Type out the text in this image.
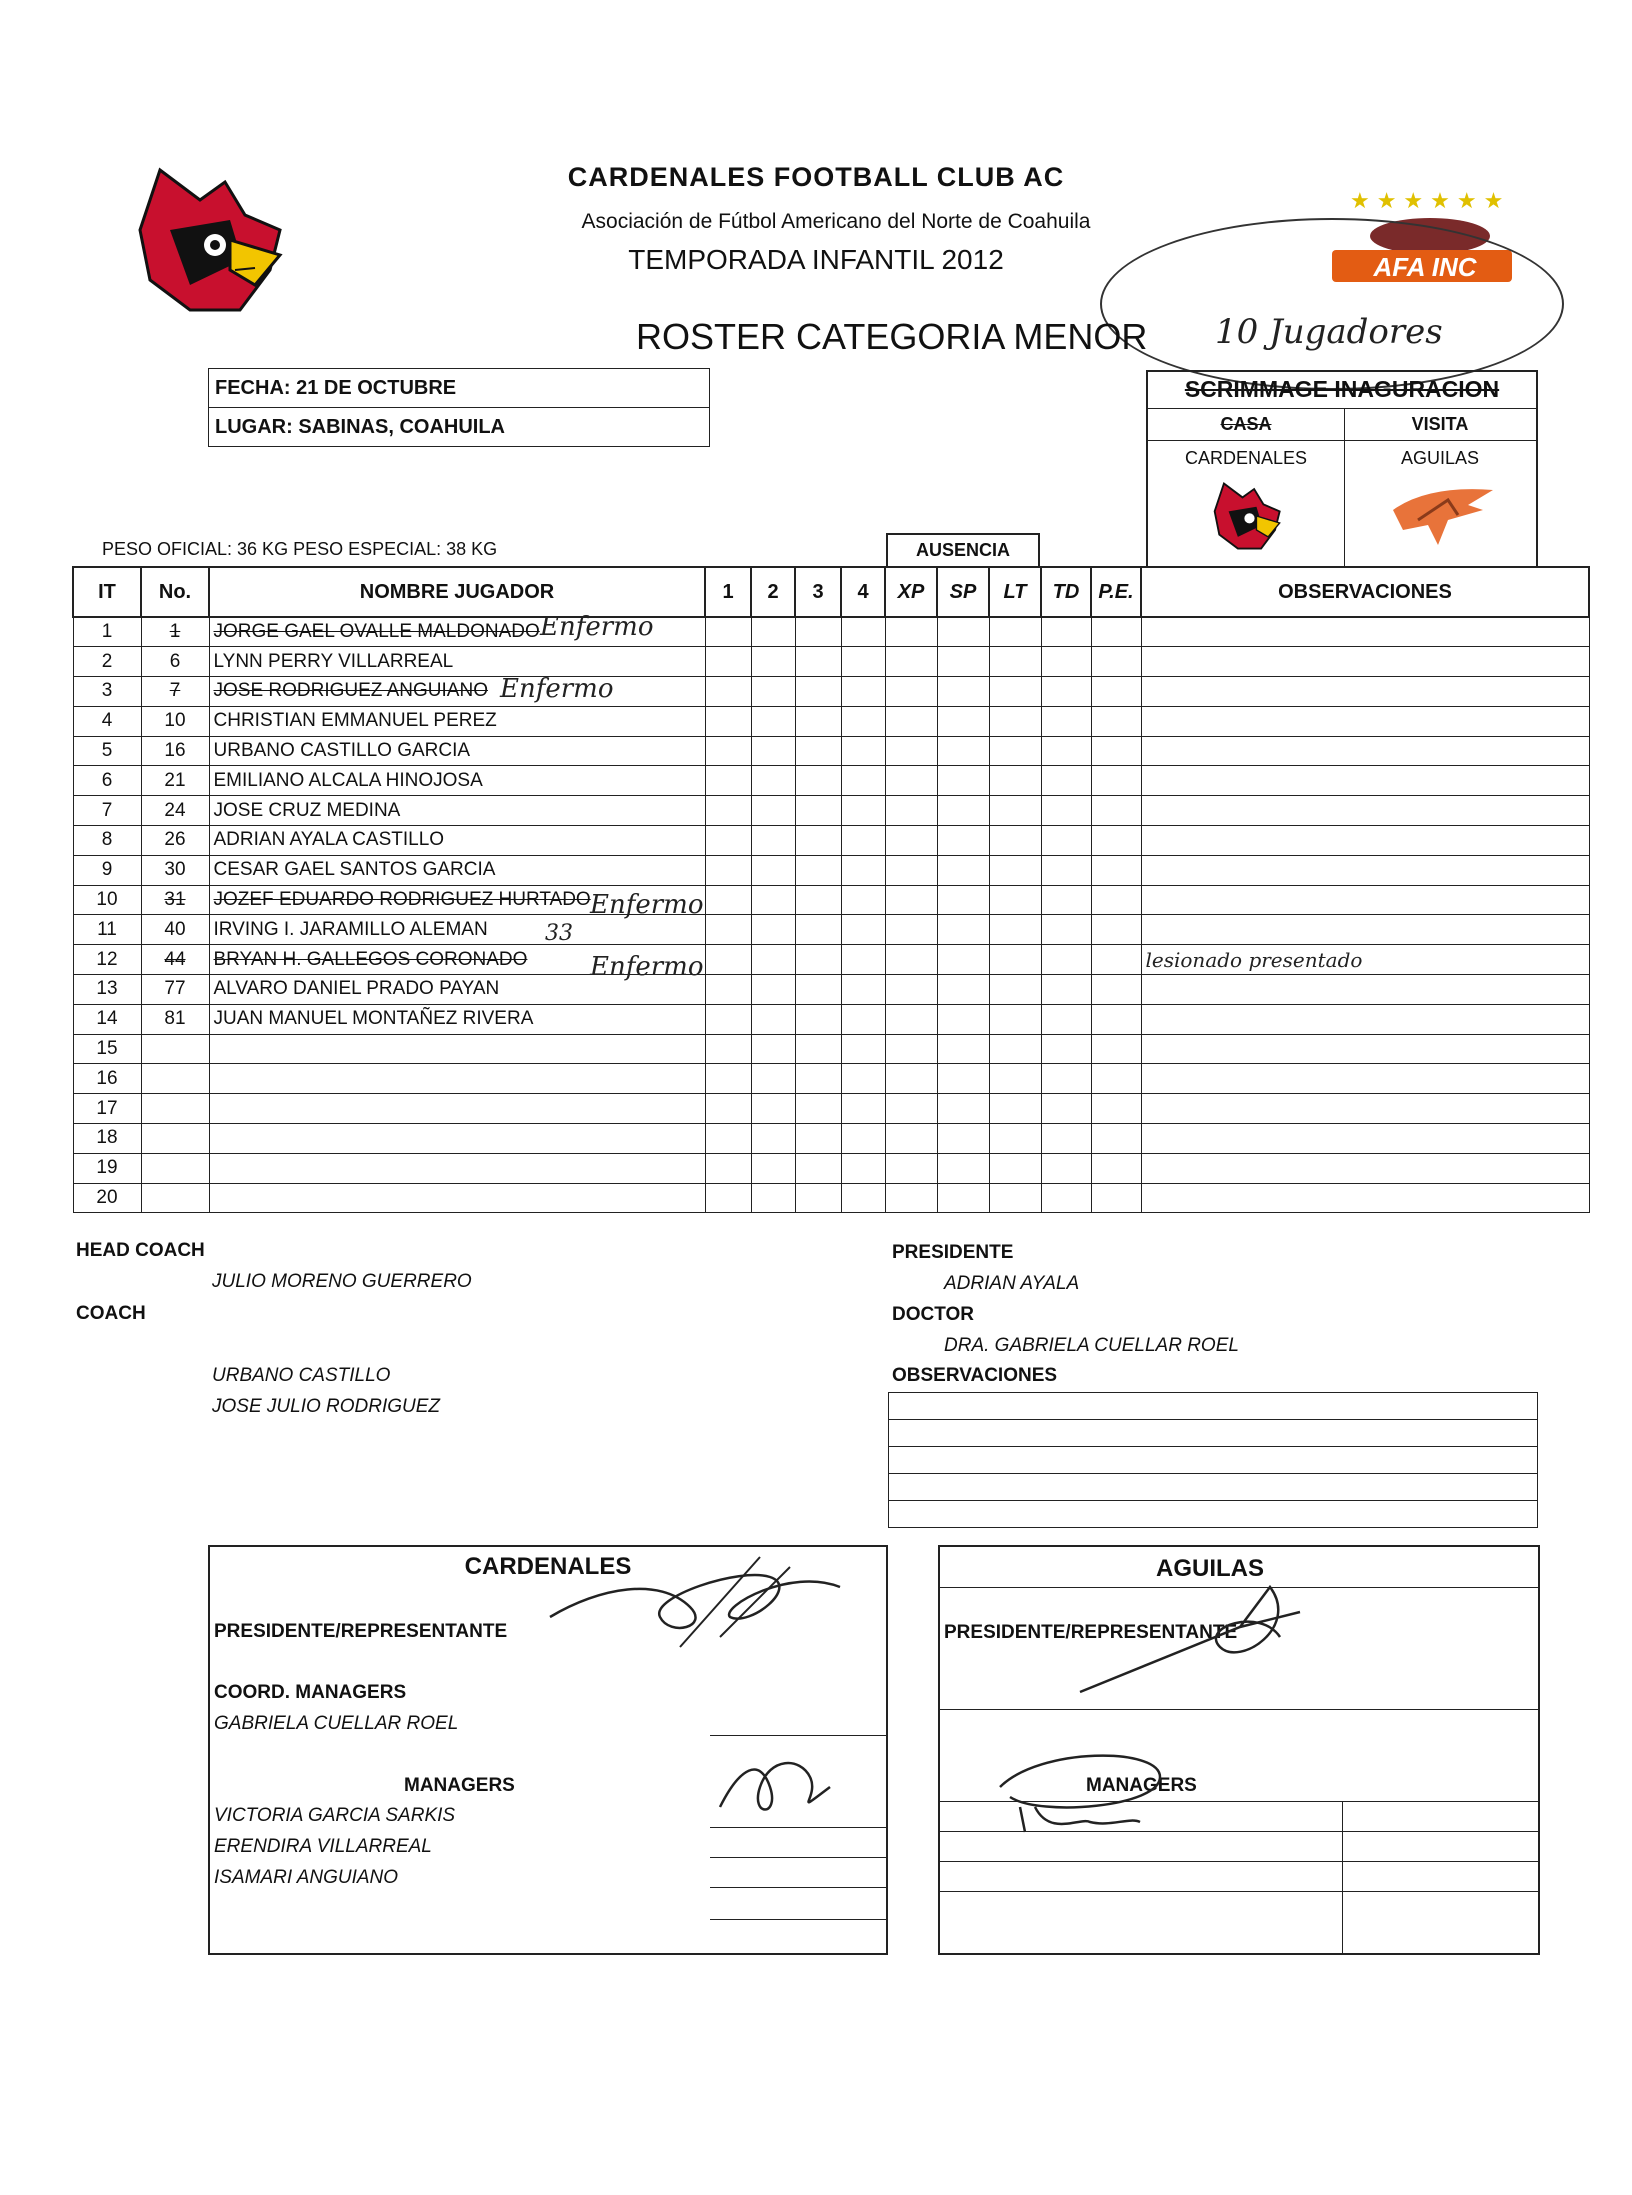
★ ★ ★ ★ ★ ★
AFA INC
CARDENALES FOOTBALL CLUB AC
Asociación de Fútbol Americano del Norte de Coahuila
TEMPORADA INFANTIL 2012
ROSTER CATEGORIA MENOR 10 Jugadores
FECHA: 21 DE OCTUBRE
LUGAR: SABINAS, COAHUILA
SCRIMMAGE INAGURACION
CASA	VISITA
CARDENALES	AGUILAS
PESO OFICIAL: 36 KG PESO ESPECIAL: 38 KG	AUSENCIA
IT	No.	NOMBRE JUGADOR	1	2	3	4	XP	SP	LT	TD	P.E.	OBSERVACIONES
1	1	JORGE GAEL OVALLE MALDONADO										
2	6	LYNN PERRY VILLARREAL										
3	7	JOSE RODRIGUEZ ANGUIANO										
4	10	CHRISTIAN EMMANUEL PEREZ										
5	16	URBANO CASTILLO GARCIA										
6	21	EMILIANO ALCALA HINOJOSA										
7	24	JOSE CRUZ MEDINA										
8	26	ADRIAN AYALA CASTILLO										
9	30	CESAR GAEL SANTOS GARCIA										
10	31	JOZEF EDUARDO RODRIGUEZ HURTADO										
11	40	IRVING I. JARAMILLO ALEMAN										
12	44	BRYAN H. GALLEGOS CORONADO										lesionado presentado
13	77	ALVARO DANIEL PRADO PAYAN										
14	81	JUAN MANUEL MONTAÑEZ RIVERA										
15												
16												
17												
18												
19												
20												
HEAD COACH
JULIO MORENO GUERRERO
COACH
URBANO CASTILLO
JOSE JULIO RODRIGUEZ
PRESIDENTE
ADRIAN AYALA
DOCTOR
DRA. GABRIELA CUELLAR ROEL
OBSERVACIONES

CARDENALES
PRESIDENTE/REPRESENTANTE
COORD. MANAGERS
GABRIELA CUELLAR ROEL
MANAGERS
VICTORIA GARCIA SARKIS
ERENDIRA VILLARREAL
ISAMARI ANGUIANO
AGUILAS
PRESIDENTE/REPRESENTANTE
MANAGERS
Enfermo
Enfermo
Enfermo
33
Enfermo
